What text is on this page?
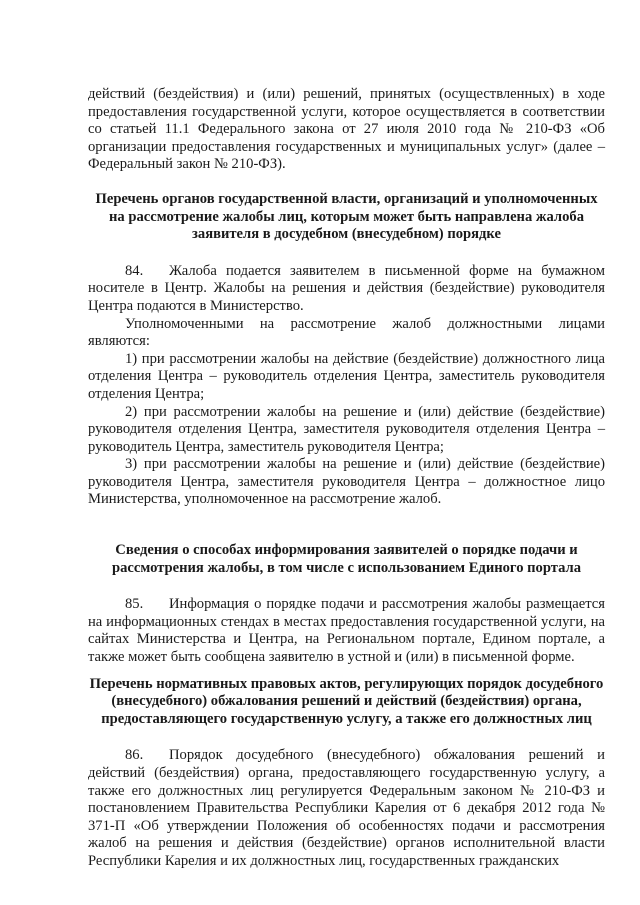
действий (бездействия) и (или) решений, принятых (осуществленных) в ходе предоставления государственной услуги, которое осуществляется в соответствии со статьей 11.1 Федерального закона от 27 июля 2010 года № 210-ФЗ «Об организации предоставления государственных и муниципальных услуг» (далее – Федеральный закон № 210-ФЗ).

Перечень органов государственной власти, организаций и уполномоченных на рассмотрение жалобы лиц, которым может быть направлена жалоба заявителя в досудебном (внесудебном) порядке

84. Жалоба подается заявителем в письменной форме на бумажном носителе в Центр. Жалобы на решения и действия (бездействие) руководителя Центра подаются в Министерство.

Уполномоченными на рассмотрение жалоб должностными лицами являются:

1) при рассмотрении жалобы на действие (бездействие) должностного лица отделения Центра – руководитель отделения Центра, заместитель руководителя отделения Центра;

2) при рассмотрении жалобы на решение и (или) действие (бездействие) руководителя отделения Центра, заместителя руководителя отделения Центра – руководитель Центра, заместитель руководителя Центра;

3) при рассмотрении жалобы на решение и (или) действие (бездействие) руководителя Центра, заместителя руководителя Центра – должностное лицо Министерства, уполномоченное на рассмотрение жалоб.

Сведения о способах информирования заявителей о порядке подачи и рассмотрения жалобы, в том числе с использованием Единого портала

85. Информация о порядке подачи и рассмотрения жалобы размещается на информационных стендах в местах предоставления государственной услуги, на сайтах Министерства и Центра, на Региональном портале, Едином портале, а также может быть сообщена заявителю в устной и (или) в письменной форме.

Перечень нормативных правовых актов, регулирующих порядок досудебного (внесудебного) обжалования решений и действий (бездействия) органа, предоставляющего государственную услугу, а также его должностных лиц

86. Порядок досудебного (внесудебного) обжалования решений и действий (бездействия) органа, предоставляющего государственную услугу, а также его должностных лиц регулируется Федеральным законом № 210-ФЗ и постановлением Правительства Республики Карелия от 6 декабря 2012 года № 371-П «Об утверждении Положения об особенностях подачи и рассмотрения жалоб на решения и действия (бездействие) органов исполнительной власти Республики Карелия и их должностных лиц, государственных гражданских
